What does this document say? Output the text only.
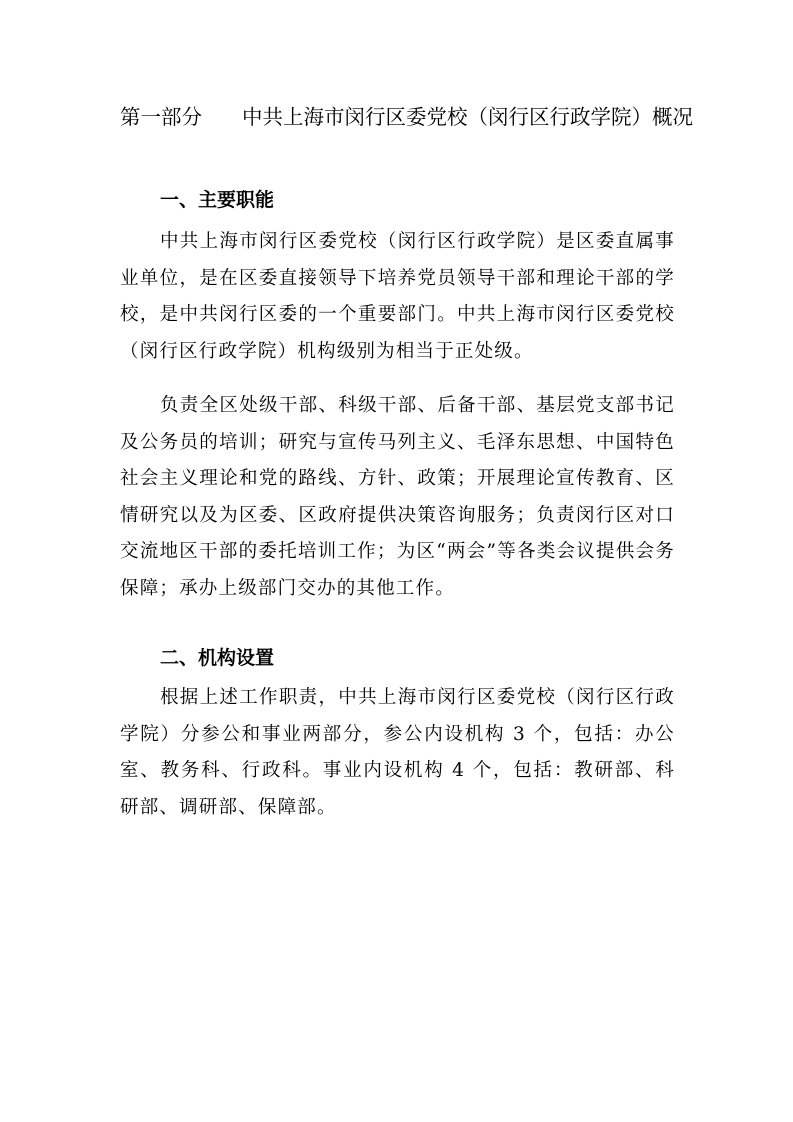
第一部分 中共上海市闵行区委党校（闵行区行政学院）概况
一、主要职能

中共上海市闵行区委党校（闵行区行政学院）是区委直属事业单位，是在区委直接领导下培养党员领导干部和理论干部的学校，是中共闵行区委的一个重要部门。中共上海市闵行区委党校（闵行区行政学院）机构级别为相当于正处级。

负责全区处级干部、科级干部、后备干部、基层党支部书记及公务员的培训；研究与宣传马列主义、毛泽东思想、中国特色社会主义理论和党的路线、方针、政策；开展理论宣传教育、区情研究以及为区委、区政府提供决策咨询服务；负责闵行区对口交流地区干部的委托培训工作；为区“两会”等各类会议提供会务保障；承办上级部门交办的其他工作。

二、机构设置

根据上述工作职责，中共上海市闵行区委党校（闵行区行政学院）分参公和事业两部分，参公内设机构 3 个，包括：办公室、教务科、行政科。事业内设机构 4 个，包括：教研部、科研部、调研部、保障部。
